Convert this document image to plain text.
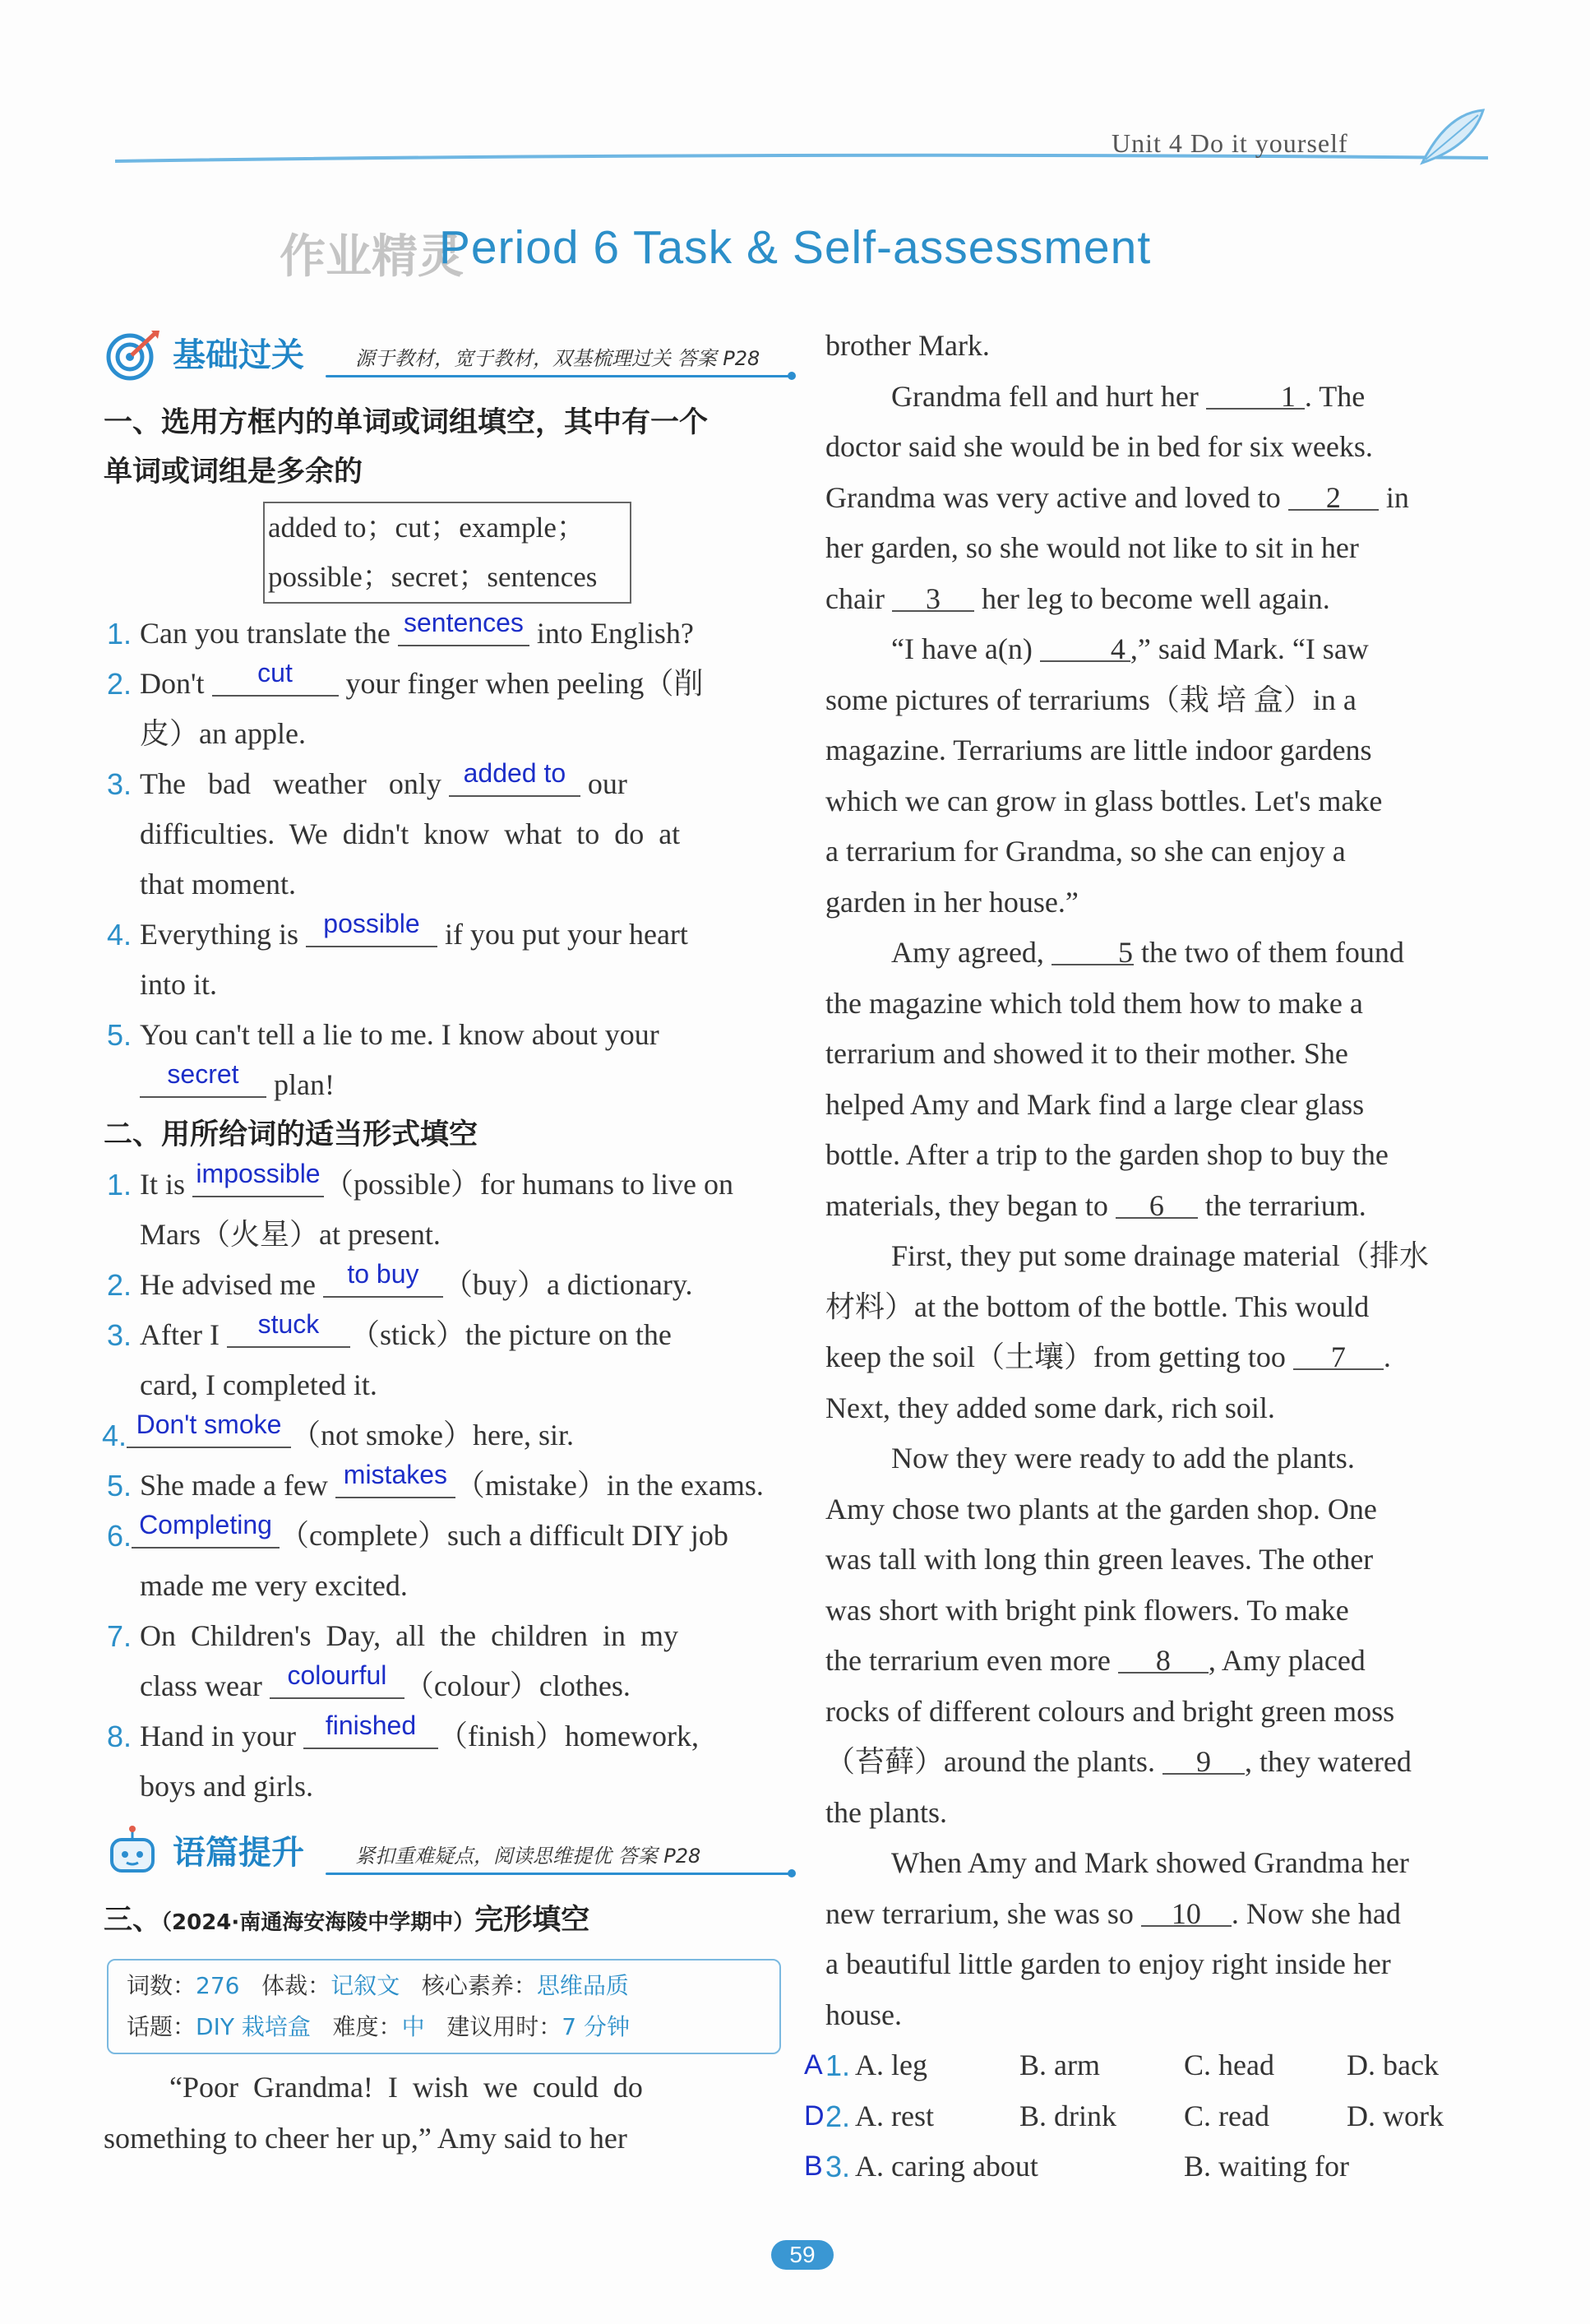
Unit 4 Do it yourself
作业精灵
Period 6 Task & Self-assessment
基础过关	源于教材，宽于教材，双基梳理过关 答案 P28
一、选用方框内的单词或词组填空，其中有一个
单词或词组是多余的
added to；cut；example；
possible；secret；sentences
1. Can you translate the sentences into English?
2. Don't cut your finger when peeling（削
皮）an apple.
3. The   bad   weather   only added to our
difficulties.  We  didn't  know  what  to  do  at
that moment.
4. Everything is possible if you put your heart
into it.
5. You can't tell a lie to me. I know about your
secret plan!
二、用所给词的适当形式填空
1. It is impossible （possible）for humans to live on
Mars（火星）at present.
2. He advised me to buy （buy）a dictionary.
3. After I stuck （stick）the picture on the
card, I completed it.
4. Don't smoke （not smoke）here, sir.
5. She made a few mistakes （mistake）in the exams.
6. Completing （complete）such a difficult DIY job
made me very excited.
7. On  Children's  Day,  all  the  children  in  my
class wear colourful （colour）clothes.
8. Hand in your finished （finish）homework,
boys and girls.
语篇提升	紧扣重难疑点，阅读思维提优 答案 P28
三、（2024·南通海安海陵中学期中）完形填空
词数：276 体裁：记叙文 核心素养：思维品质
话题：DIY 栽培盒 难度：中 建议用时：7 分钟
“Poor  Grandma!  I  wish  we  could  do
something to cheer her up,” Amy said to her
brother Mark.
Grandma fell and hurt her	1 . The
doctor said she would be in bed for six weeks.
Grandma was very active and loved to 2 in
her garden, so she would not like to sit in her
chair 3 her leg to become well again.
“I have a(n) 4 ,” said Mark. “I saw
some pictures of terrariums（栽 培 盒）in a
magazine. Terrariums are little indoor gardens
which we can grow in glass bottles. Let's make
a terrarium for Grandma, so she can enjoy a
garden in her house.”
Amy agreed, 5 the two of them found
the magazine which told them how to make a
terrarium and showed it to their mother. She
helped Amy and Mark find a large clear glass
bottle. After a trip to the garden shop to buy the
materials, they began to 6 the terrarium.
First, they put some drainage material（排水
材料）at the bottom of the bottle. This would
keep the soil（土壤）from getting too 7 .
Next, they added some dark, rich soil.
Now they were ready to add the plants.
Amy chose two plants at the garden shop. One
was tall with long thin green leaves. The other
was short with bright pink flowers. To make
the terrarium even more 8 , Amy placed
rocks of different colours and bright green moss
（苔藓）around the plants. 9 , they watered
the plants.
When Amy and Mark showed Grandma her
new terrarium, she was so 10 . Now she had
a beautiful little garden to enjoy right inside her
house.
A 1. A. leg	B. arm	C. head D. back
D 2. A. rest	B. drink C. read	D. work
B 3. A. caring about	B. waiting for
59
